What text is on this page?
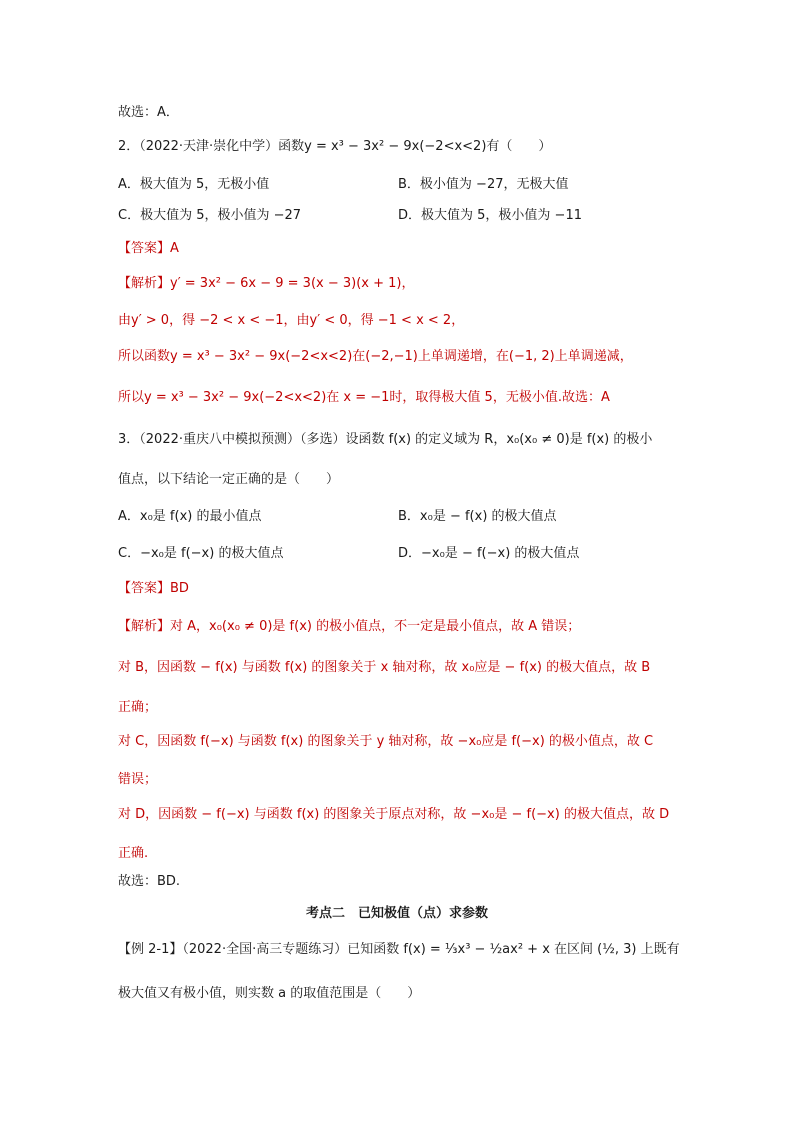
故选：A．
2．（2022·天津·崇化中学）函数y = x³ − 3x² − 9x(−2<x<2)有（　　）
A．极大值为 5，无极小值	B．极小值为 −27，无极大值
C．极大值为 5，极小值为 −27	D．极大值为 5，极小值为 −11
【答案】A
【解析】y′ = 3x² − 6x − 9 = 3(x − 3)(x + 1)，
由y′ > 0，得 −2 < x < −1，由y′ < 0，得 −1 < x < 2，
所以函数y = x³ − 3x² − 9x(−2<x<2)在(−2,−1)上单调递增，在(−1, 2)上单调递减，
所以y = x³ − 3x² − 9x(−2<x<2)在 x = −1时，取得极大值 5，无极小值.故选：A
3．（2022·重庆八中模拟预测）（多选）设函数 f(x) 的定义域为 R，x₀(x₀ ≠ 0)是 f(x) 的极小
值点，以下结论一定正确的是（　　）
A．x₀是 f(x) 的最小值点	B．x₀是 − f(x) 的极大值点
C．−x₀是 f(−x) 的极大值点	D．−x₀是 − f(−x) 的极大值点
【答案】BD
【解析】对 A，x₀(x₀ ≠ 0)是 f(x) 的极小值点，不一定是最小值点，故 A 错误；
对 B，因函数 − f(x) 与函数 f(x) 的图象关于 x 轴对称，故 x₀应是 − f(x) 的极大值点，故 B
正确；
对 C，因函数 f(−x) 与函数 f(x) 的图象关于 y 轴对称，故 −x₀应是 f(−x) 的极小值点，故 C
错误；
对 D，因函数 − f(−x) 与函数 f(x) 的图象关于原点对称，故 −x₀是 − f(−x) 的极大值点，故 D
正确.
故选：BD.
考点二　已知极值（点）求参数
【例 2-1】（2022·全国·高三专题练习）已知函数 f(x) = ⅓x³ − ½ax² + x 在区间 (½, 3) 上既有
极大值又有极小值，则实数 a 的取值范围是（　　）
